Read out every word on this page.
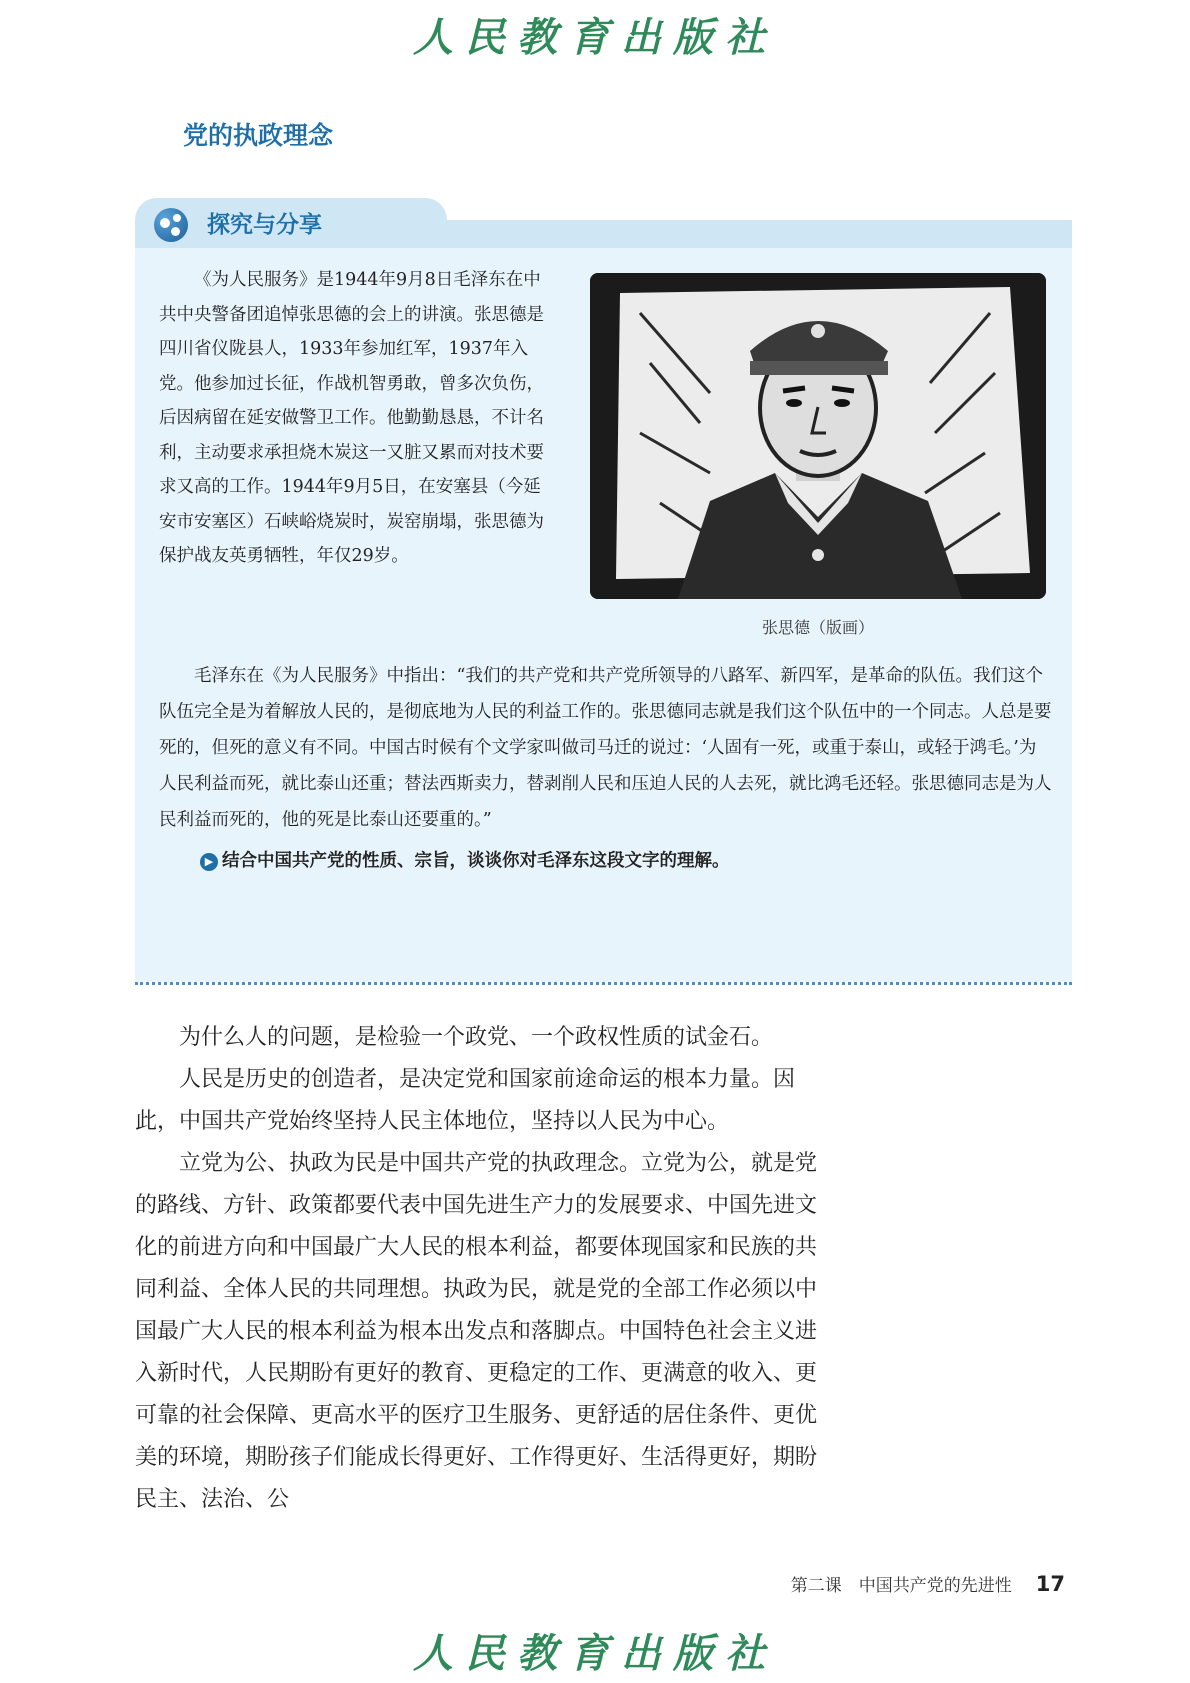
人民教育出版社
党的执政理念
探究与分享

《为人民服务》是1944年9月8日毛泽东在中共中央警备团追悼张思德的会上的讲演。张思德是四川省仪陇县人，1933年参加红军，1937年入党。他参加过长征，作战机智勇敢，曾多次负伤，后因病留在延安做警卫工作。他勤勤恳恳，不计名利，主动要求承担烧木炭这一又脏又累而对技术要求又高的工作。1944年9月5日，在安塞县（今延安市安塞区）石峡峪烧炭时，炭窑崩塌，张思德为保护战友英勇牺牲，年仅29岁。

张思德（版画）

毛泽东在《为人民服务》中指出：“我们的共产党和共产党所领导的八路军、新四军，是革命的队伍。我们这个队伍完全是为着解放人民的，是彻底地为人民的利益工作的。张思德同志就是我们这个队伍中的一个同志。人总是要死的，但死的意义有不同。中国古时候有个文学家叫做司马迁的说过：‘人固有一死，或重于泰山，或轻于鸿毛。’为人民利益而死，就比泰山还重；替法西斯卖力，替剥削人民和压迫人民的人去死，就比鸿毛还轻。张思德同志是为人民利益而死的，他的死是比泰山还要重的。”

▶ 结合中国共产党的性质、宗旨，谈谈你对毛泽东这段文字的理解。

为什么人的问题，是检验一个政党、一个政权性质的试金石。

人民是历史的创造者，是决定党和国家前途命运的根本力量。因此，中国共产党始终坚持人民主体地位，坚持以人民为中心。

立党为公、执政为民是中国共产党的执政理念。立党为公，就是党的路线、方针、政策都要代表中国先进生产力的发展要求、中国先进文化的前进方向和中国最广大人民的根本利益，都要体现国家和民族的共同利益、全体人民的共同理想。执政为民，就是党的全部工作必须以中国最广大人民的根本利益为根本出发点和落脚点。中国特色社会主义进入新时代，人民期盼有更好的教育、更稳定的工作、更满意的收入、更可靠的社会保障、更高水平的医疗卫生服务、更舒适的居住条件、更优美的环境，期盼孩子们能成长得更好、工作得更好、生活得更好，期盼民主、法治、公

第二课　中国共产党的先进性 17

人民教育出版社
